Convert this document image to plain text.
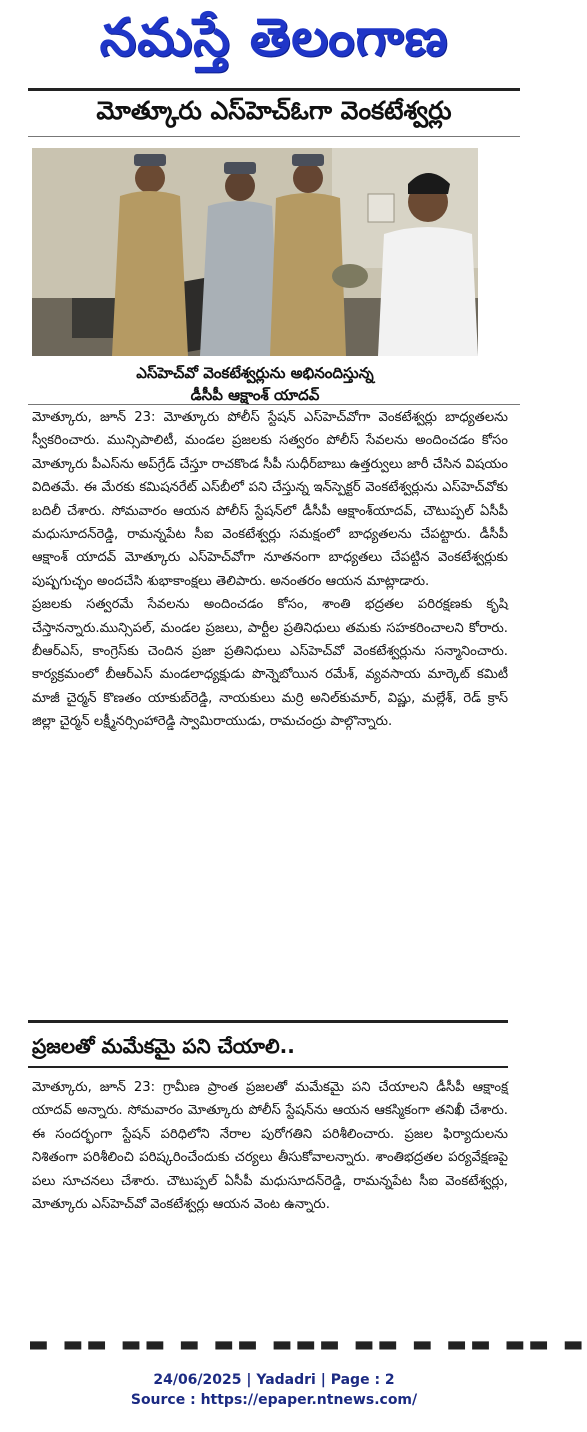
నమస్తే తెలంగాణ
మోత్కూరు ఎస్‌హెచ్‌ఓగా వెంకటేశ్వర్లు
ఎస్‌హెచ్‌వో వెంకటేశ్వర్లును అభినందిస్తున్న
డీసీపీ ఆక్షాంశ్ యాదవ్

మోత్కూరు, జూన్ 23: మోత్కూరు పోలీస్ స్టేషన్ ఎస్‌హెచ్‌వోగా వెంకటేశ్వర్లు బాధ్యతలను స్వీకరించారు. మున్సిపాలిటీ, మండల ప్రజలకు సత్వరం పోలీస్ సేవలను అందించడం కోసం మోత్కూరు పీఎస్‌ను అప్‌గ్రేడ్ చేస్తూ రాచకొండ సీపీ సుధీర్‌బాబు ఉత్తర్వులు జారీ చేసిన విషయం విదితమే. ఈ మేరకు కమిషనరేట్ ఎస్‌బీలో పని చేస్తున్న ఇన్‌స్పెక్టర్ వెంకటేశ్వర్లును ఎస్‌హెచ్‌వోకు బదిలీ చేశారు. సోమవారం ఆయన పోలీస్ స్టేషన్‌లో డీసీపీ ఆక్షాంశ్‌యాదవ్, చౌటుప్పల్ ఏసీపీ మధుసూదన్‌రెడ్డి, రామన్నపేట సీఐ వెంకటేశ్వర్లు సమక్షంలో బాధ్యతలను చేపట్టారు. డీసీపీ ఆక్షాంశ్ యాదవ్ మోత్కూరు ఎస్‌హెచ్‌వోగా నూతనంగా బాధ్యతలు చేపట్టిన వెంకటేశ్వర్లుకు పుష్పగుచ్ఛం అందచేసి శుభాకాంక్షలు తెలిపారు. అనంతరం ఆయన మాట్లాడారు.

ప్రజలకు సత్వరమే సేవలను అందించడం కోసం, శాంతి భద్రతల పరిరక్షణకు కృషి చేస్తానన్నారు.మున్సిపల్, మండల ప్రజలు, పార్టీల ప్రతినిధులు తమకు సహకరించాలని కోరారు. బీఆర్ఎస్, కాంగ్రెస్‌కు చెందిన ప్రజా ప్రతినిధులు ఎస్‌హెచ్‌వో వెంకటేశ్వర్లును సన్మానించారు. కార్యక్రమంలో బీఆర్ఎస్ మండలాధ్యక్షుడు పొన్నెబోయిన రమేశ్, వ్యవసాయ మార్కెట్ కమిటీ మాజీ చైర్మన్ కొణతం యాకుబ్‌రెడ్డి, నాయకులు మర్రి అనిల్‌కుమార్, విష్ణు, మల్లేశ్, రెడ్ క్రాస్ జిల్లా చైర్మన్ లక్ష్మీనర్సింహారెడ్డి స్వామిరాయుడు, రామచంద్రు పాల్గొన్నారు.

ప్రజలతో మమేకమై పని చేయాలి..

మోత్కూరు, జూన్ 23: గ్రామీణ ప్రాంత ప్రజలతో మమేకమై పని చేయాలని డీసీపీ ఆక్షాంక్ష యాదవ్ అన్నారు. సోమవారం మోత్కూరు పోలీస్ స్టేషన్‌ను ఆయన ఆకస్మికంగా తనిఖీ చేశారు. ఈ సందర్భంగా స్టేషన్ పరిధిలోని నేరాల పురోగతిని పరిశీలించారు. ప్రజల ఫిర్యాదులను నిశితంగా పరిశీలించి పరిష్కరించేందుకు చర్యలు తీసుకోవాలన్నారు. శాంతిభద్రతల పర్యవేక్షణపై పలు సూచనలు చేశారు. చౌటుప్పల్ ఏసీపీ మధుసూదన్‌రెడ్డి, రామన్నపేట సీఐ వెంకటేశ్వర్లు, మోత్కూరు ఎస్‌హెచ్‌వో వెంకటేశ్వర్లు ఆయన వెంట ఉన్నారు.

▬ ▬▬ ▬▬ ▬ ▬▬ ▬▬▬ ▬▬ ▬ ▬▬ ▬▬ ▬
24/06/2025 | Yadadri | Page : 2
Source : https://epaper.ntnews.com/
